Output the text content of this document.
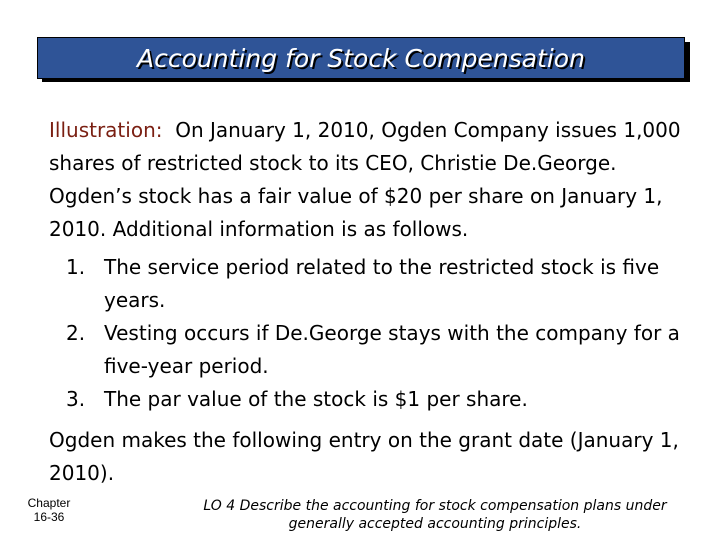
Accounting for Stock Compensation
Illustration: On January 1, 2010, Ogden Company issues 1,000 shares of restricted stock to its CEO, Christie De.George. Ogden’s stock has a fair value of $20 per share on January 1, 2010. Additional information is as follows.
1. The service period related to the restricted stock is five years.
2. Vesting occurs if De.George stays with the company for a five-year period.
3. The par value of the stock is $1 per share.
Ogden makes the following entry on the grant date (January 1, 2010).
Chapter
16-36
LO 4 Describe the accounting for stock compensation plans under generally accepted accounting principles.
